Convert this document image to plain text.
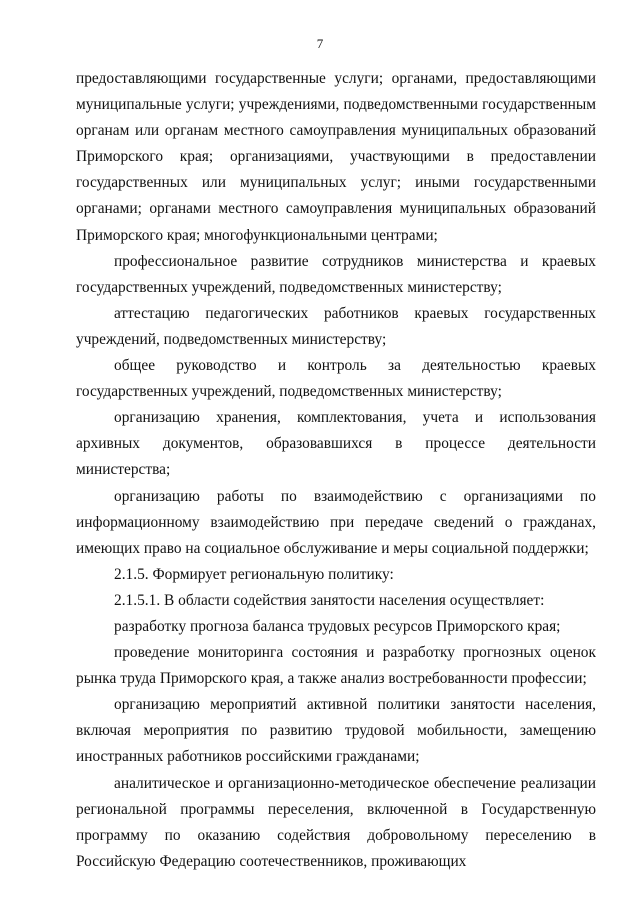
7

предоставляющими государственные услуги; органами, предоставляющими муниципальные услуги; учреждениями, подведомственными государственным органам или органам местного самоуправления муниципальных образований Приморского края; организациями, участвующими в предоставлении государственных или муниципальных услуг; иными государственными органами; органами местного самоуправления муниципальных образований Приморского края; многофункциональными центрами;

профессиональное развитие сотрудников министерства и краевых государственных учреждений, подведомственных министерству;

аттестацию педагогических работников краевых государственных учреждений, подведомственных министерству;

общее руководство и контроль за деятельностью краевых государственных учреждений, подведомственных министерству;

организацию хранения, комплектования, учета и использования архивных документов, образовавшихся в процессе деятельности министерства;

организацию работы по взаимодействию с организациями по информационному взаимодействию при передаче сведений о гражданах, имеющих право на социальное обслуживание и меры социальной поддержки;

2.1.5. Формирует региональную политику:

2.1.5.1. В области содействия занятости населения осуществляет:

разработку прогноза баланса трудовых ресурсов Приморского края;

проведение мониторинга состояния и разработку прогнозных оценок рынка труда Приморского края, а также анализ востребованности профессии;

организацию мероприятий активной политики занятости населения, включая мероприятия по развитию трудовой мобильности, замещению иностранных работников российскими гражданами;

аналитическое и организационно-методическое обеспечение реализации региональной программы переселения, включенной в Государственную программу по оказанию содействия добровольному переселению в Российскую Федерацию соотечественников, проживающих
